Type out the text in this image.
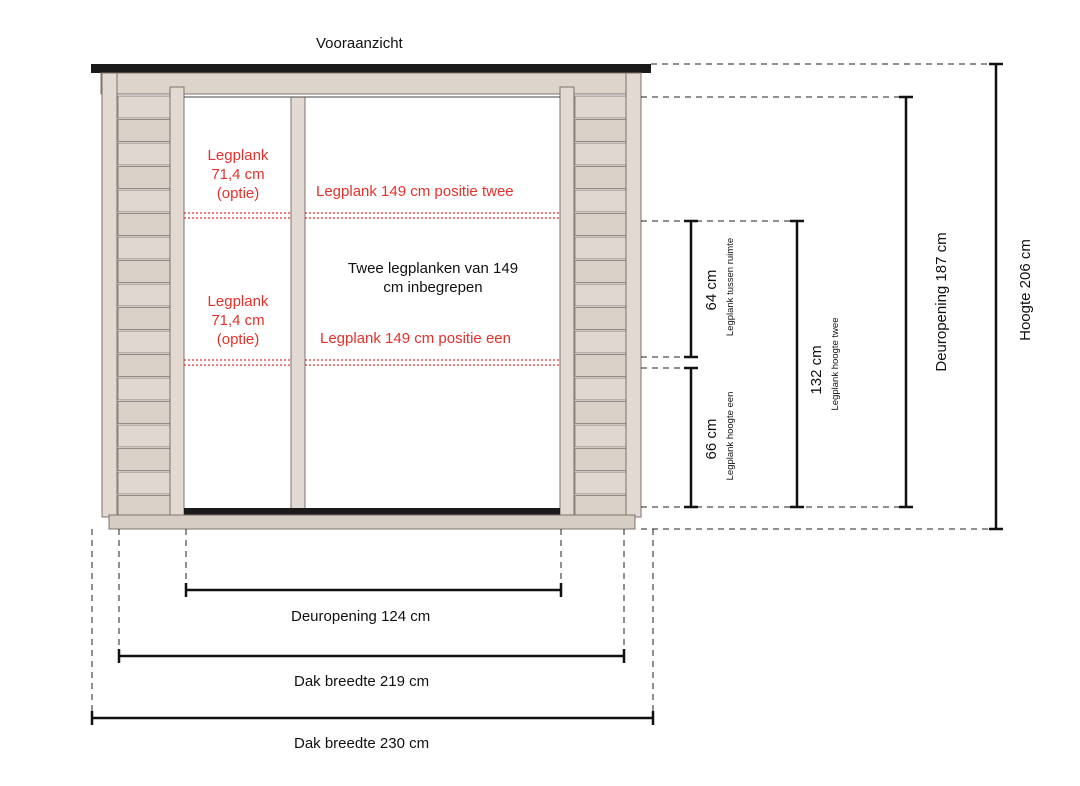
Vooraanzicht
Legplank
71,4 cm
(optie)	Legplank 149 cm positie twee
Legplank
71,4 cm
(optie)	Legplank 149 cm positie een
Twee legplanken van 149
cm inbegrepen	64 cm Legplank tussen ruimte
66 cm Legplank hoogte een
132 cm Legplank hoogte twee	Deuropening 187 cm	Hoogte 206 cm
Deuropening 124 cm
Dak breedte 219 cm
Dak breedte 230 cm
